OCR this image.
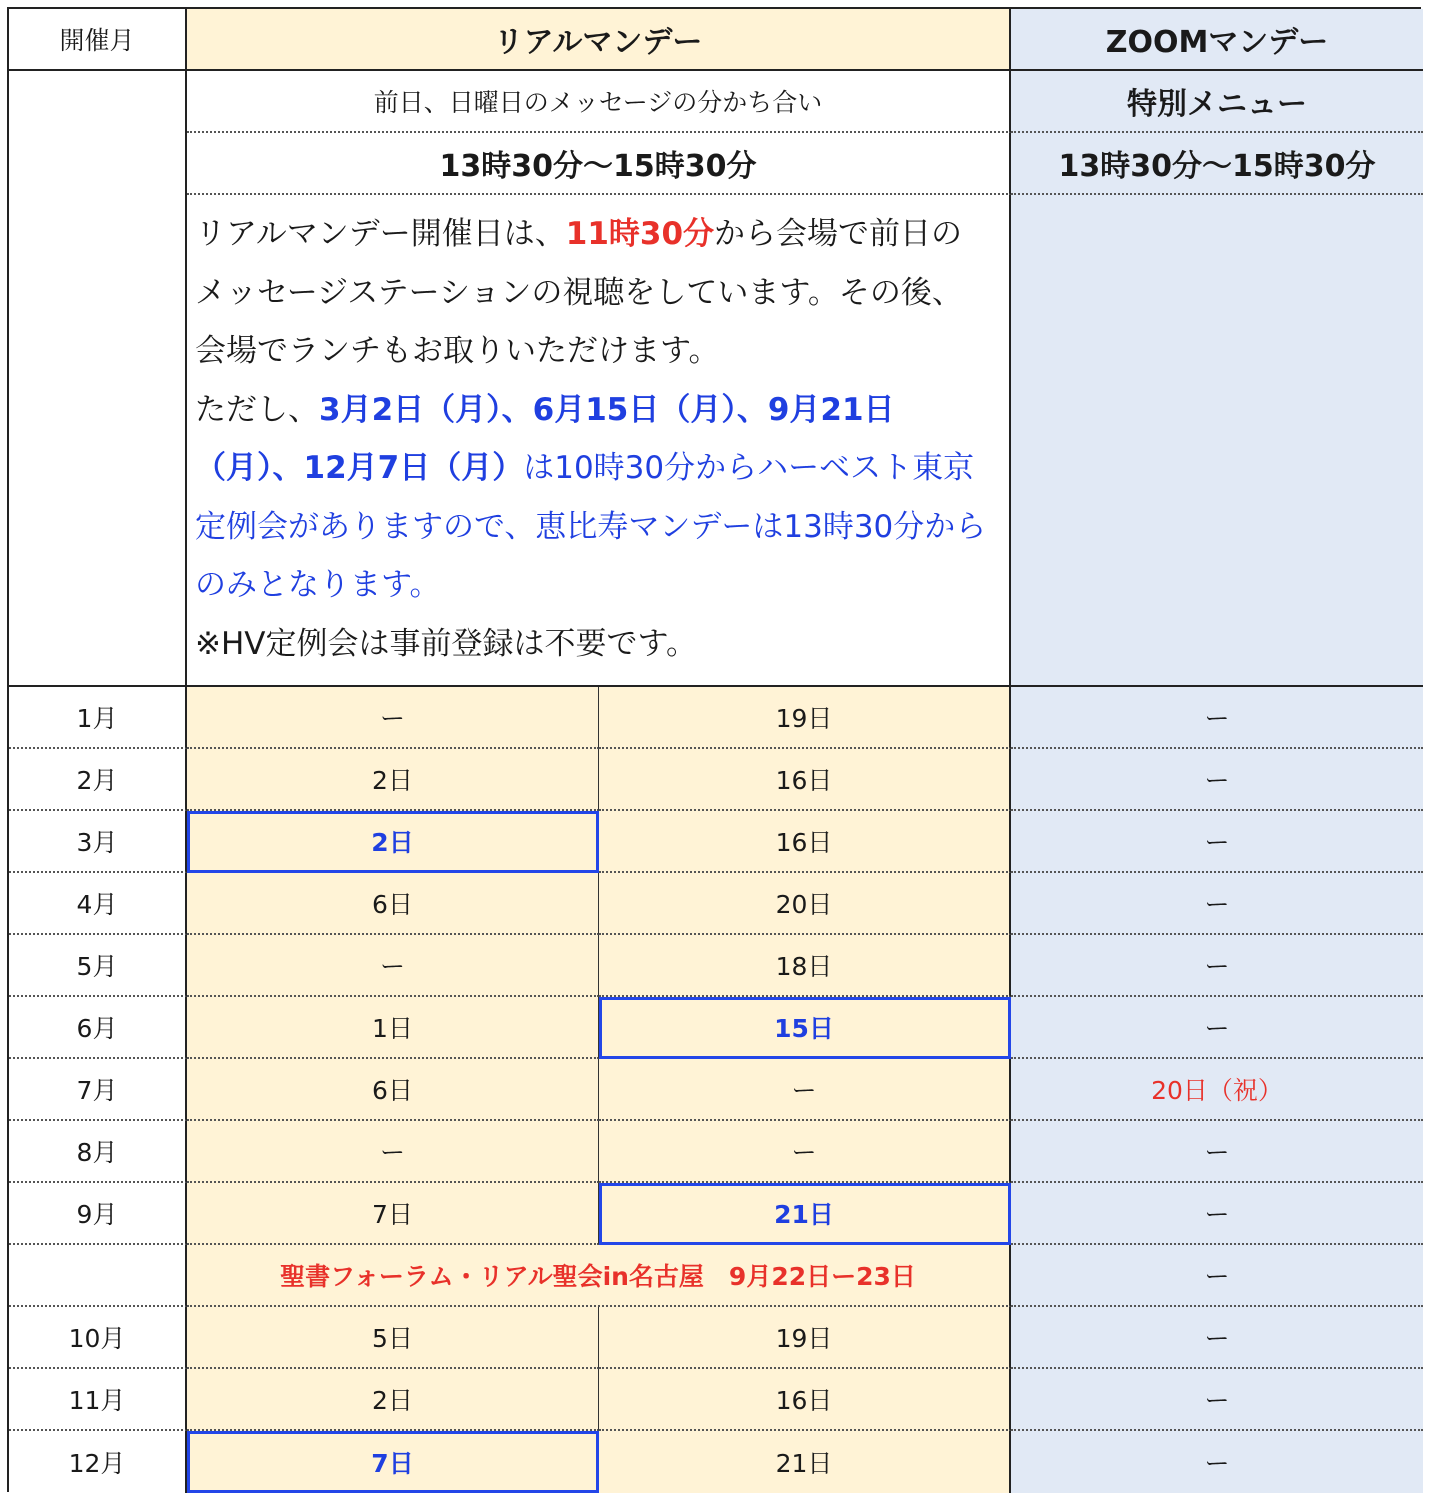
開催月	リアルマンデー	ZOOMマンデー
前日、日曜日のメッセージの分かち合い	特別メニュー
13時30分～15時30分	13時30分～15時30分

リアルマンデー開催日は、11時30分から会場で前日のメッセージステーションの視聴をしています。その後、会場でランチもお取りいただけます。

ただし、3月2日（月）、6月15日（月）、9月21日（月）、12月7日（月）は10時30分からハーベスト東京定例会がありますので、恵比寿マンデーは13時30分からのみとなります。

※HV定例会は事前登録は不要です。

1月	ー	19日	ー
2月	2日	16日	ー
3月	2日	16日	ー
4月	6日	20日	ー
5月	ー	18日	ー
6月	1日	15日	ー
7月	6日	ー	20日（祝）
8月	ー	ー	ー
9月	7日	21日	ー
聖書フォーラム・リアル聖会in名古屋　9月22日ー23日	ー
10月	5日	19日	ー
11月	2日	16日	ー
12月	7日	21日	ー
